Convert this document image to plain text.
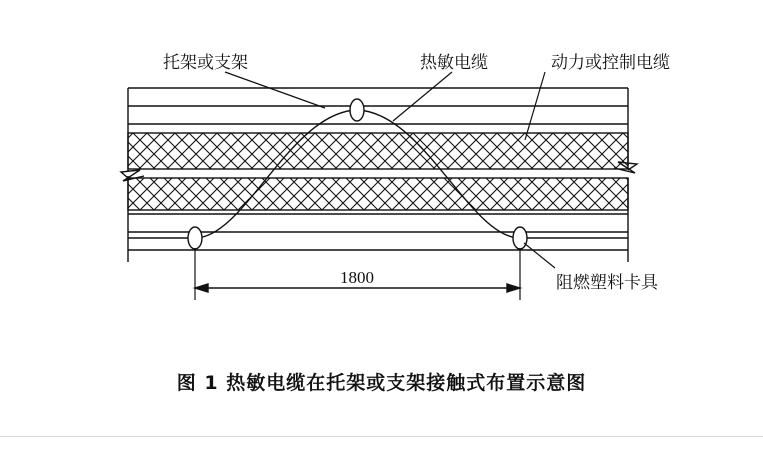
1800
托架或支架	热敏电缆	动力或控制电缆
阻燃塑料卡具
图 1 热敏电缆在托架或支架接触式布置示意图
